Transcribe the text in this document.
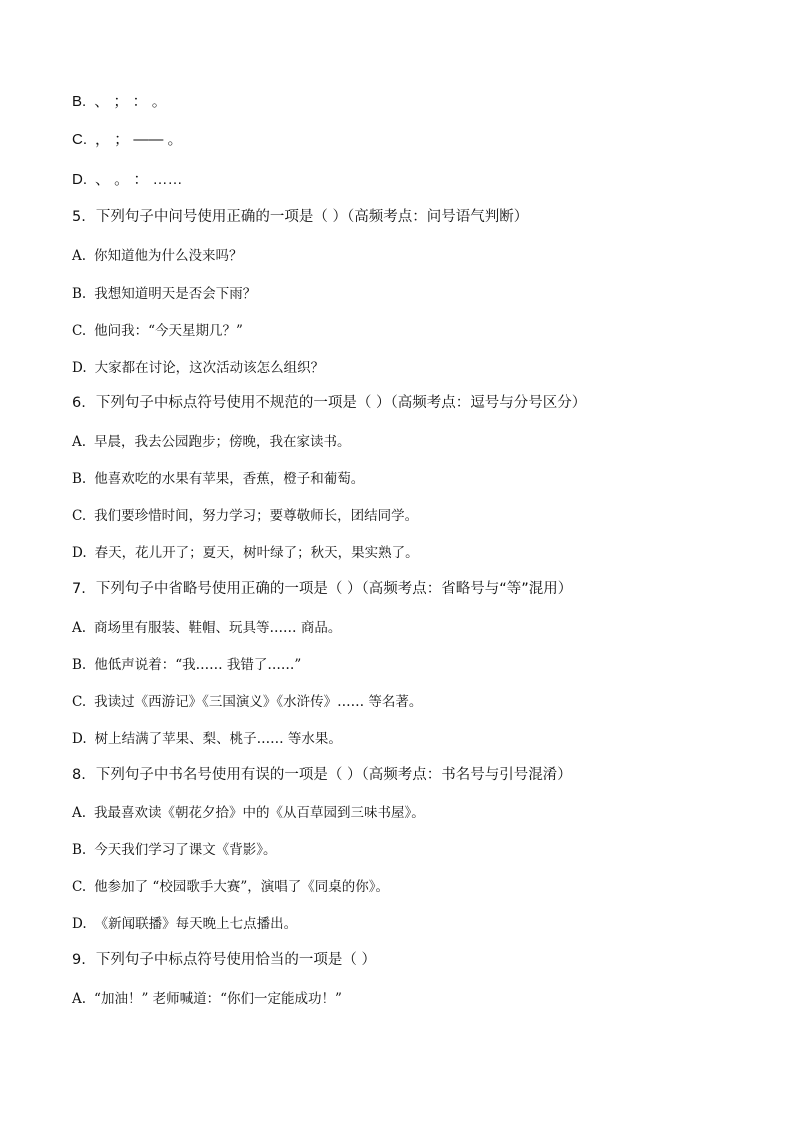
B. 、 ； ： 。
C. ， ； —— 。
D. 、 。 ： ……
5. 下列句子中问号使用正确的一项是（ ）（高频考点：问号语气判断）
A. 你知道他为什么没来吗？
B. 我想知道明天是否会下雨？
C. 他问我：“今天星期几？”
D. 大家都在讨论，这次活动该怎么组织？
6. 下列句子中标点符号使用不规范的一项是（ ）（高频考点：逗号与分号区分）
A. 早晨，我去公园跑步；傍晚，我在家读书。
B. 他喜欢吃的水果有苹果，香蕉，橙子和葡萄。
C. 我们要珍惜时间，努力学习；要尊敬师长，团结同学。
D. 春天，花儿开了；夏天，树叶绿了；秋天，果实熟了。
7. 下列句子中省略号使用正确的一项是（ ）（高频考点：省略号与“等”混用）
A. 商场里有服装、鞋帽、玩具等…… 商品。
B. 他低声说着：“我…… 我错了……”
C. 我读过《西游记》《三国演义》《水浒传》…… 等名著。
D. 树上结满了苹果、梨、桃子…… 等水果。
8. 下列句子中书名号使用有误的一项是（ ）（高频考点：书名号与引号混淆）
A. 我最喜欢读《朝花夕拾》中的《从百草园到三味书屋》。
B. 今天我们学习了课文《背影》。
C. 他参加了 “校园歌手大赛”，演唱了《同桌的你》。
D. 《新闻联播》每天晚上七点播出。
9. 下列句子中标点符号使用恰当的一项是（ ）
A. “加油！” 老师喊道：“你们一定能成功！”
